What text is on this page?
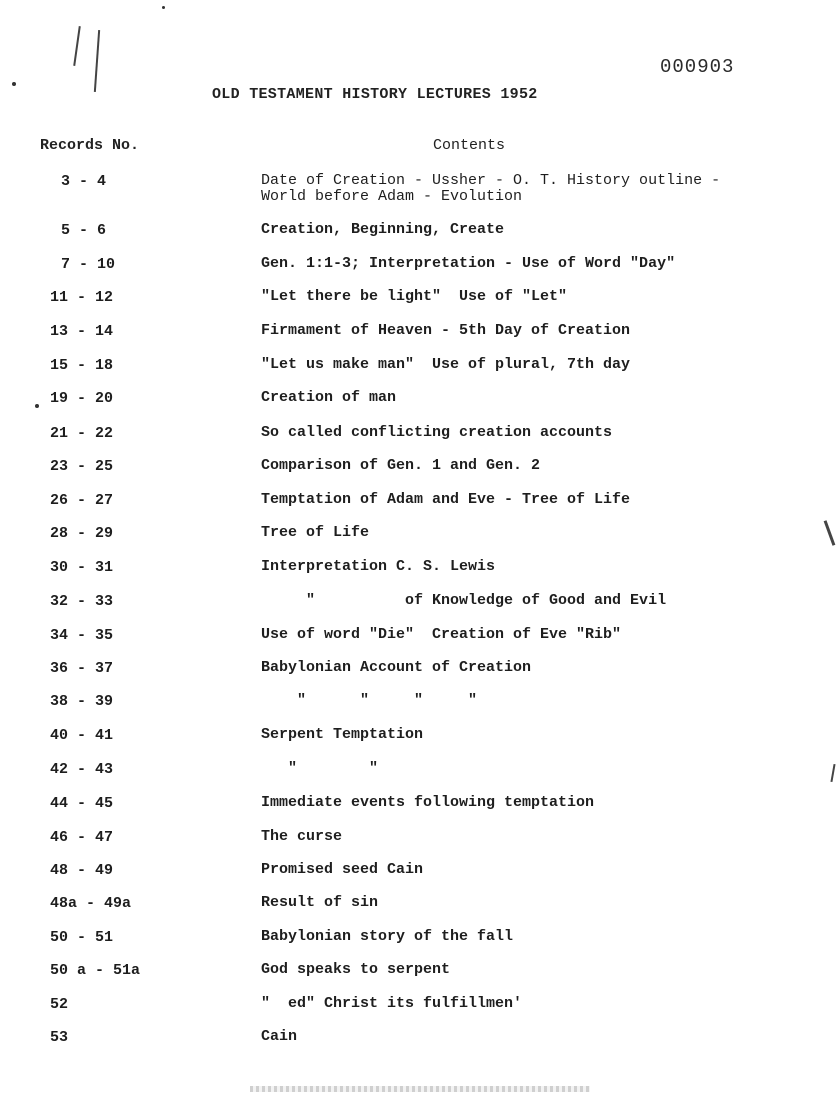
000903
OLD TESTAMENT HISTORY LECTURES 1952
Records No.	Contents
3 - 4	Date of Creation - Ussher - O. T. History outline -
World before Adam - Evolution
5 - 6	Creation, Beginning, Create
7 - 10	Gen. 1:1-3; Interpretation - Use of Word "Day"
11 - 12	"Let there be light"  Use of "Let"
13 - 14	Firmament of Heaven - 5th Day of Creation
15 - 18	"Let us make man"  Use of plural, 7th day
19 - 20	Creation of man
21 - 22	So called conflicting creation accounts
23 - 25	Comparison of Gen. 1 and Gen. 2
26 - 27	Temptation of Adam and Eve - Tree of Life
28 - 29	Tree of Life
30 - 31	Interpretation C. S. Lewis
32 - 33	"          of Knowledge of Good and Evil
34 - 35	Use of word "Die"  Creation of Eve "Rib"
36 - 37	Babylonian Account of Creation
38 - 39	"      "     "     "
40 - 41	Serpent Temptation
42 - 43	"        "
44 - 45	Immediate events following temptation
46 - 47	The curse
48 - 49	Promised seed Cain
48a - 49a	Result of sin
50 - 51	Babylonian story of the fall
50 a - 51a	God speaks to serpent
52	"  ed" Christ its fulfillmen'
53	Cain
